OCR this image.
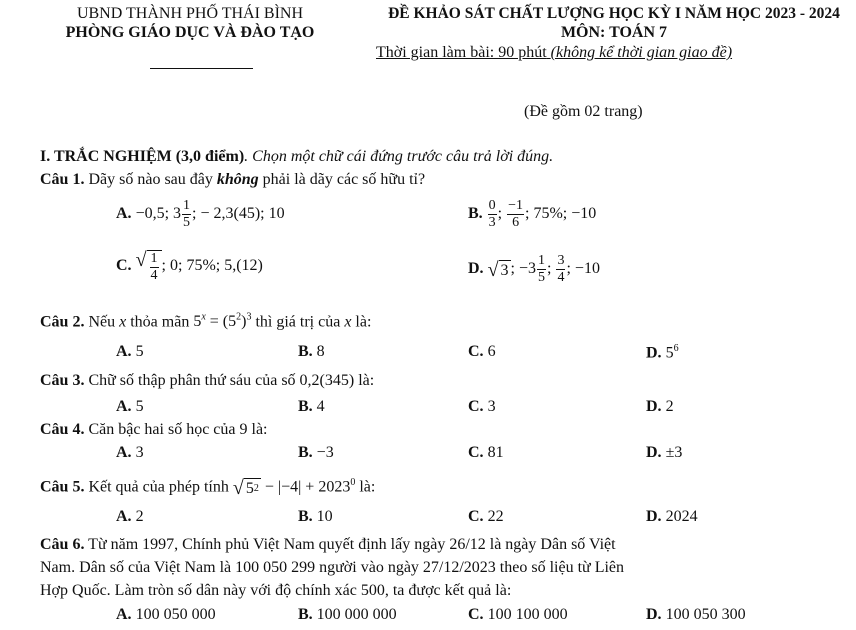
UBND THÀNH PHỐ THÁI BÌNH
PHÒNG GIÁO DỤC VÀ ĐÀO TẠO
ĐỀ KHẢO SÁT CHẤT LƯỢNG HỌC KỲ I NĂM HỌC 2023 - 2024
MÔN: TOÁN 7
Thời gian làm bài: 90 phút (không kể thời gian giao đề)
(Đề gồm 02 trang)
I. TRẮC NGHIỆM (3,0 điểm). Chọn một chữ cái đứng trước câu trả lời đúng.
Câu 1. Dãy số nào sau đây không phải là dãy các số hữu tỉ?
A. −0,5; $3 \frac{1}{5}$ ; − 2,3(45); 10	B. $\frac{0}{3}$ ; $\frac{-1}{6}$ ; 75%; −10
C. √ $\frac{1}{4}$ ; 0; 75%; 5,(12)	D. √ 3 ; $-3 \frac{1}{5}$ ; $\frac{3}{4}$ ; −10
Câu 2. Nếu x thỏa mãn $5^x = (5^2)^3$ thì giá trị của x là:
A. 5	B. 8	C. 6	D. $5^6$
Câu 3. Chữ số thập phân thứ sáu của số 0,2(345) là:
A. 5	B. 4	C. 3	D. 2
Câu 4. Căn bậc hai số học của 9 là:
A. 3	B. −3	C. 81	D. ±3
Câu 5. Kết quả của phép tính √ 5 $2 - |-4| + 2023^0$ là:
A. 2	B. 10	C. 22	D. 2024
Câu 6. Từ năm 1997, Chính phủ Việt Nam quyết định lấy ngày 26/12 là ngày Dân số Việt
Nam. Dân số của Việt Nam là 100 050 299 người vào ngày 27/12/2023 theo số liệu từ Liên
Hợp Quốc. Làm tròn số dân này với độ chính xác 500, ta được kết quả là:
A. 100 050 000	B. 100 000 000	C. 100 100 000	D. 100 050 300
